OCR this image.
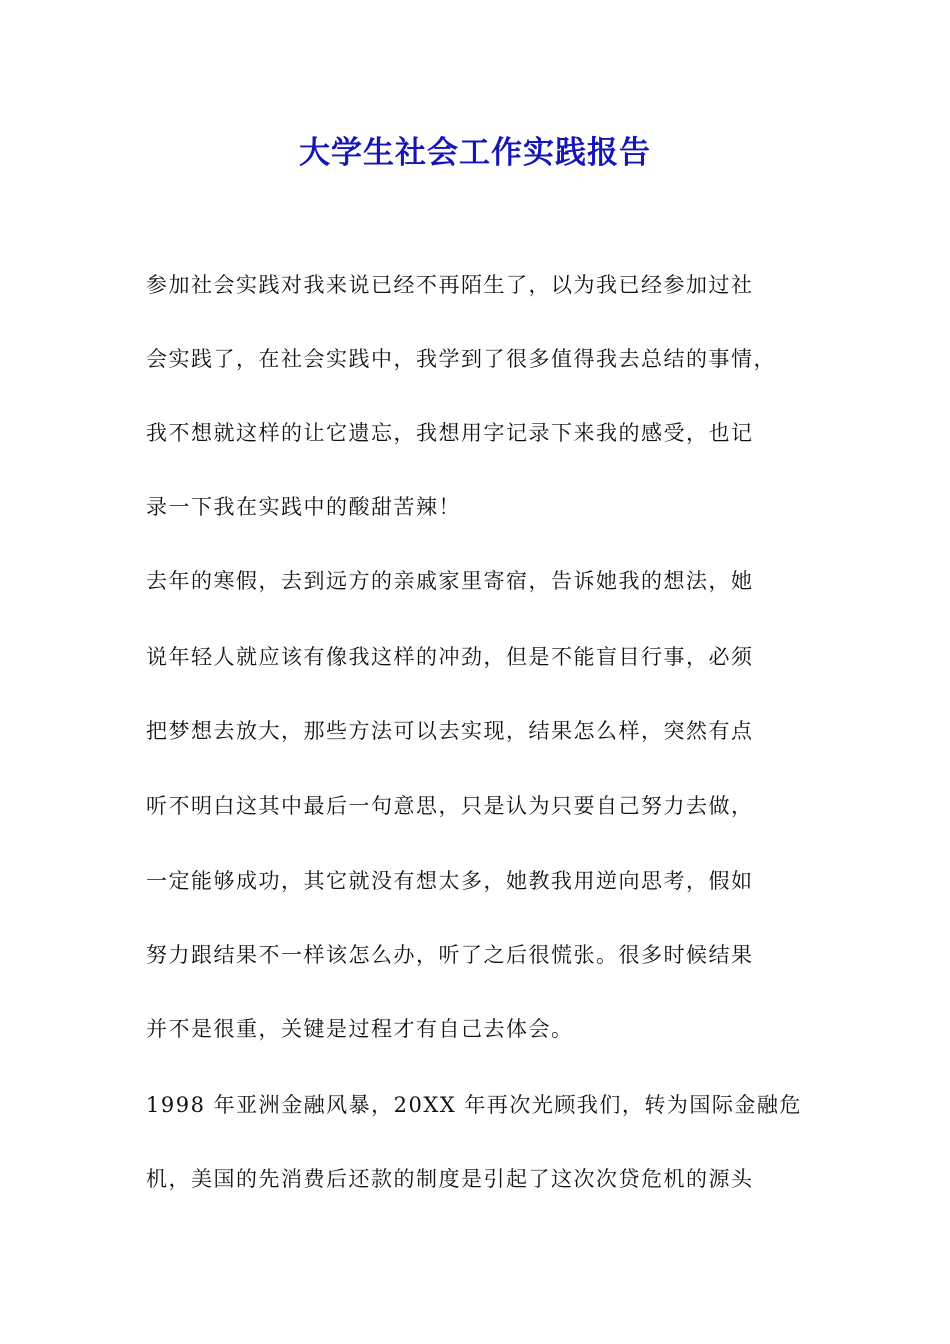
大学生社会工作实践报告
参加社会实践对我来说已经不再陌生了，以为我已经参加过社
会实践了，在社会实践中，我学到了很多值得我去总结的事情，
我不想就这样的让它遗忘，我想用字记录下来我的感受，也记
录一下我在实践中的酸甜苦辣！
去年的寒假，去到远方的亲戚家里寄宿，告诉她我的想法，她
说年轻人就应该有像我这样的冲劲，但是不能盲目行事，必须
把梦想去放大，那些方法可以去实现，结果怎么样，突然有点
听不明白这其中最后一句意思，只是认为只要自己努力去做，
一定能够成功，其它就没有想太多，她教我用逆向思考，假如
努力跟结果不一样该怎么办，听了之后很慌张。很多时候结果
并不是很重，关键是过程才有自己去体会。
1998 年亚洲金融风暴，20XX 年再次光顾我们，转为国际金融危
机，美国的先消费后还款的制度是引起了这次次贷危机的源头
